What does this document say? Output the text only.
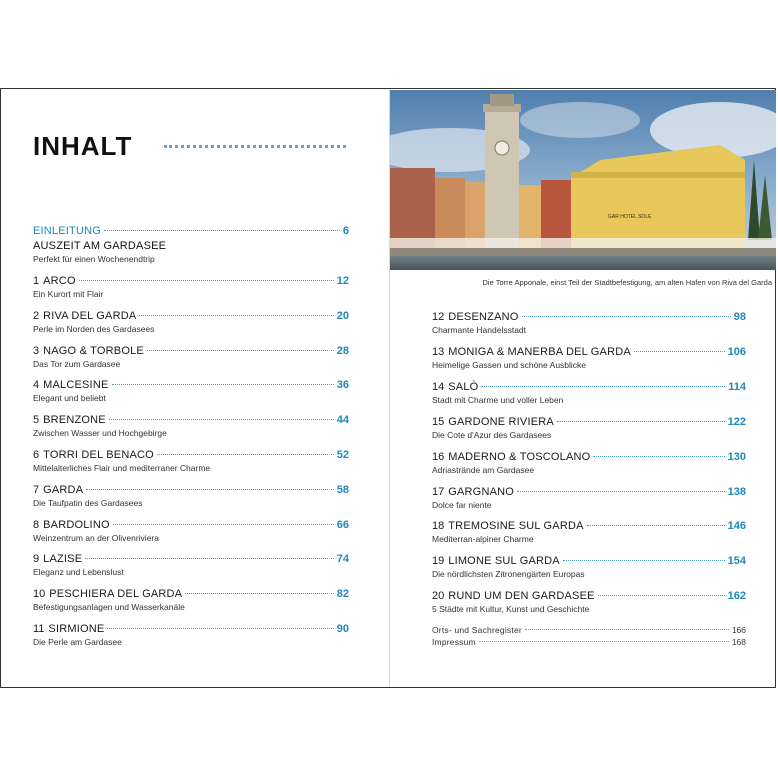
INHALT
EINLEITUNG	6
AUSZEIT AM GARDASEE
Perfekt für einen Wochenendtrip
1 ARCO	12
Ein Kurort mit Flair
2 RIVA DEL GARDA	20
Perle im Norden des Gardasees
3 NAGO & TORBOLE	28
Das Tor zum Gardasee
4 MALCESINE	36
Elegant und beliebt
5 BRENZONE	44
Zwischen Wasser und Hochgebirge
6 TORRI DEL BENACO	52
Mittelalterliches Flair und mediterraner Charme
7 GARDA	58
Die Taufpatin des Gardasees
8 BARDOLINO	66
Weinzentrum an der Olivenriviera
9 LAZISE	74
Eleganz und Lebenslust
10 PESCHIERA DEL GARDA	82
Befestigungsanlagen und Wasserkanäle
11 SIRMIONE	90
Die Perle am Gardasee
12 DESENZANO	98
Charmante Handelsstadt
13 MONIGA & MANERBA DEL GARDA	106
Heimelige Gassen und schöne Ausblicke
14 SALÒ	114
Stadt mit Charme und voller Leben
15 GARDONE RIVIERA	122
Die Cote d'Azur des Gardasees
16 MADERNO & TOSCOLANO	130
Adriastrände am Gardasee
17 GARGNANO	138
Dolce far niente
18 TREMOSINE SUL GARDA	146
Mediterran-alpiner Charme
19 LIMONE SUL GARDA	154
Die nördlichsten Zitronengärten Europas
20 RUND UM DEN GARDASEE	162
5 Städte mit Kultur, Kunst und Geschichte
Orts- und Sachregister	166
Impressum	168
GAR HOTEL SOLE
Die Torre Apponale, einst Teil der Stadtbefestigung, am alten Hafen von Riva del Garda
